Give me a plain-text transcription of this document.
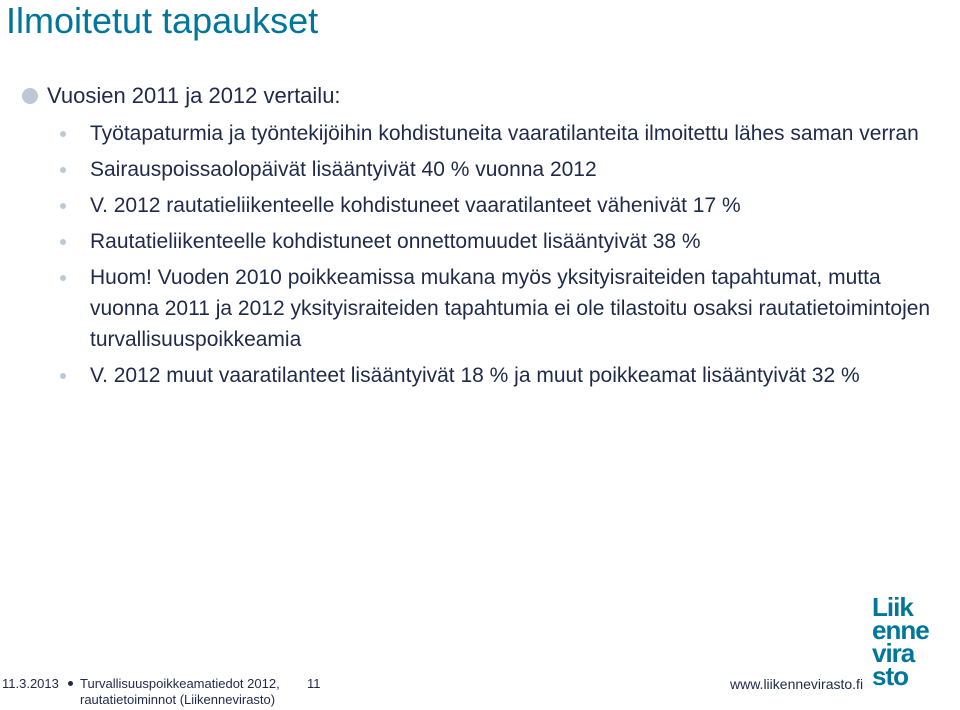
Ilmoitetut tapaukset
Vuosien 2011 ja 2012 vertailu:
Työtapaturmia ja työntekijöihin kohdistuneita vaaratilanteita ilmoitettu lähes saman verran
Sairauspoissaolopäivät lisääntyivät 40 % vuonna 2012
V. 2012 rautatieliikenteelle kohdistuneet vaaratilanteet vähenivät 17 %
Rautatieliikenteelle kohdistuneet onnettomuudet lisääntyivät 38 %
Huom! Vuoden 2010 poikkeamissa mukana myös yksityisraiteiden tapahtumat, mutta vuonna 2011 ja 2012 yksityisraiteiden tapahtumia ei ole tilastoitu osaksi rautatietoimintojen turvallisuuspoikkeamia
V. 2012 muut vaaratilanteet lisääntyivät 18 % ja muut poikkeamat lisääntyivät 32 %
11.3.2013 Turvallisuuspoikkeamatiedot 2012, rautatietoiminnot (Liikennevirasto)
11	www.liikennevirasto.fi
Liik
enne
vira
sto
